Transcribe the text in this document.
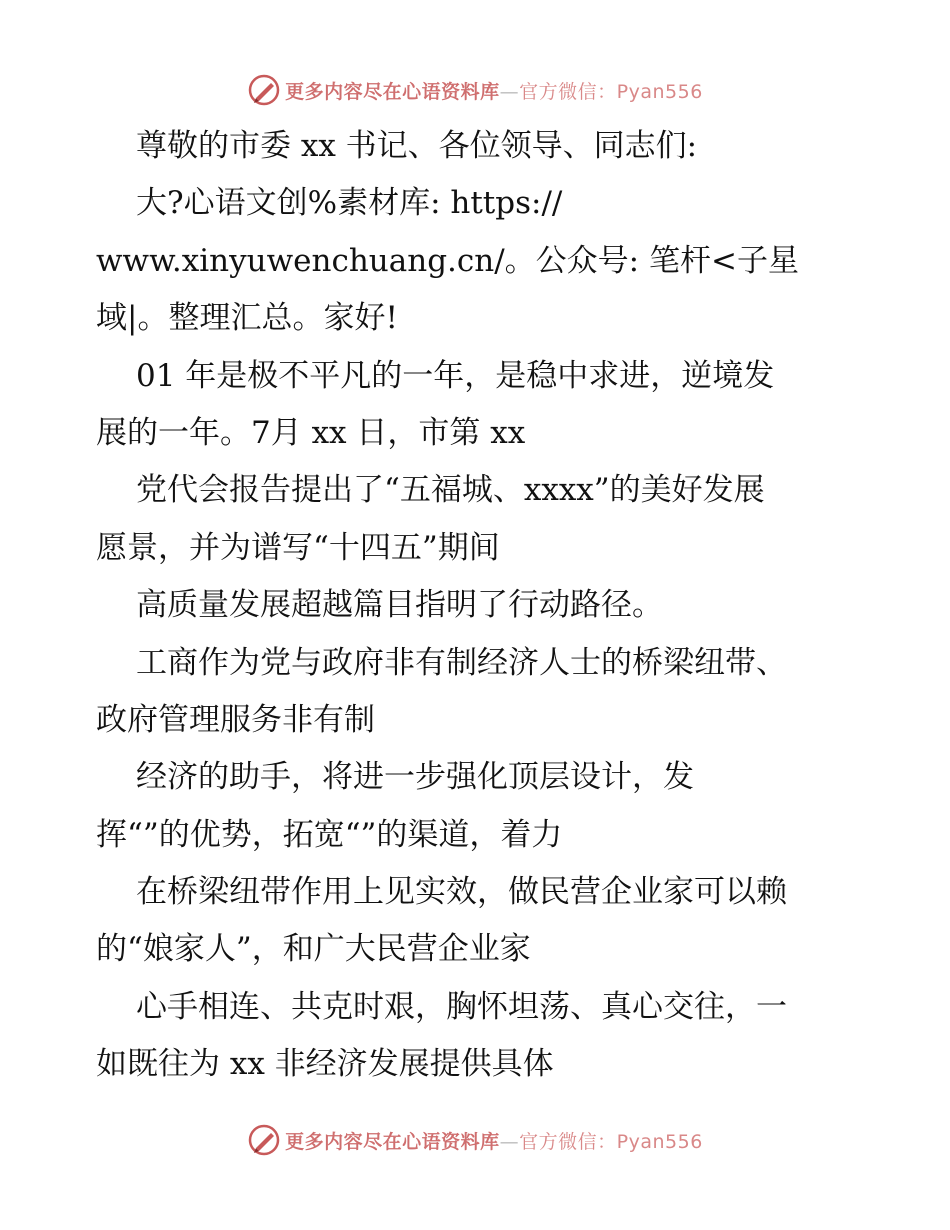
更多内容尽在心语资料库—官方微信：Pyan556
尊敬的市委 xx 书记、各位领导、同志们:
大?心语文创%素材库: https://
www.xinyuwenchuang.cn/。公众号: 笔杆<子星
域|。整理汇总。家好!
01 年是极不平凡的一年，是稳中求进，逆境发
展的一年。7月 xx 日，市第 xx
党代会报告提出了“五福城、xxxx”的美好发展
愿景，并为谱写“十四五”期间
高质量发展超越篇目指明了行动路径。
工商作为党与政府非有制经济人士的桥梁纽带、
政府管理服务非有制
经济的助手，将进一步强化顶层设计，发
挥“”的优势，拓宽“”的渠道，着力
在桥梁纽带作用上见实效，做民营企业家可以赖
的“娘家人”，和广大民营企业家
心手相连、共克时艰，胸怀坦荡、真心交往，一
如既往为 xx 非经济发展提供具体
更多内容尽在心语资料库—官方微信：Pyan556
